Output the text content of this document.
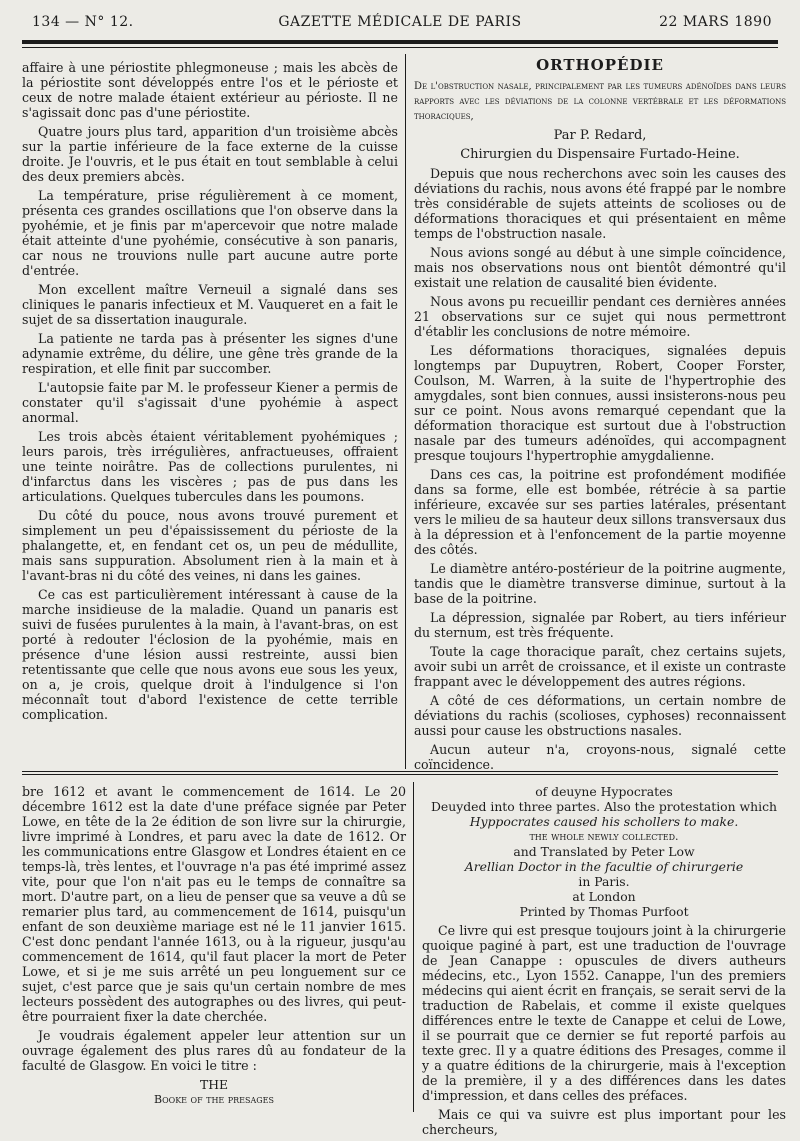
134 — N° 12.	GAZETTE MÉDICALE DE PARIS	22 MARS 1890

affaire à une périostite phlegmoneuse ; mais les abcès de la périostite sont développés entre l'os et le périoste et ceux de notre malade étaient extérieur au périoste. Il ne s'agissait donc pas d'une périostite.

Quatre jours plus tard, apparition d'un troisième abcès sur la partie inférieure de la face externe de la cuisse droite. Je l'ouvris, et le pus était en tout semblable à celui des deux premiers abcès.

La température, prise régulièrement à ce moment, présenta ces grandes oscillations que l'on observe dans la pyohémie, et je finis par m'apercevoir que notre malade était atteinte d'une pyohémie, consécutive à son panaris, car nous ne trouvions nulle part aucune autre porte d'entrée.

Mon excellent maître Verneuil a signalé dans ses cliniques le panaris infectieux et M. Vauqueret en a fait le sujet de sa dissertation inaugurale.

La patiente ne tarda pas à présenter les signes d'une adynamie extrême, du délire, une gêne très grande de la respiration, et elle finit par succomber.

L'autopsie faite par M. le professeur Kiener a permis de constater qu'il s'agissait d'une pyohémie à aspect anormal.

Les trois abcès étaient véritablement pyohémiques ; leurs parois, très irrégulières, anfractueuses, offraient une teinte noirâtre. Pas de collections purulentes, ni d'infarctus dans les viscères ; pas de pus dans les articulations. Quelques tubercules dans les poumons.

Du côté du pouce, nous avons trouvé purement et simplement un peu d'épaississement du périoste de la phalangette, et, en fendant cet os, un peu de médullite, mais sans suppuration. Absolument rien à la main et à l'avant-bras ni du côté des veines, ni dans les gaines.

Ce cas est particulièrement intéressant à cause de la marche insidieuse de la maladie. Quand un panaris est suivi de fusées purulentes à la main, à l'avant-bras, on est porté à redouter l'éclosion de la pyohémie, mais en présence d'une lésion aussi restreinte, aussi bien retentissante que celle que nous avons eue sous les yeux, on a, je crois, quelque droit à l'indulgence si l'on méconnaît tout d'abord l'existence de cette terrible complication.

ORTHOPÉDIE

De l'obstruction nasale, principalement par les tumeurs adénoïdes dans leurs rapports avec les déviations de la colonne vertébrale et les déformations thoraciques,

Par P. Redard,

Chirurgien du Dispensaire Furtado-Heine.

Depuis que nous recherchons avec soin les causes des déviations du rachis, nous avons été frappé par le nombre très considérable de sujets atteints de scolioses ou de déformations thoraciques et qui présentaient en même temps de l'obstruction nasale.

Nous avions songé au début à une simple coïncidence, mais nos observations nous ont bientôt démontré qu'il existait une relation de causalité bien évidente.

Nous avons pu recueillir pendant ces dernières années 21 observations sur ce sujet qui nous permettront d'établir les conclusions de notre mémoire.

Les déformations thoraciques, signalées depuis longtemps par Dupuytren, Robert, Cooper Forster, Coulson, M. Warren, à la suite de l'hypertrophie des amygdales, sont bien connues, aussi insisterons-nous peu sur ce point. Nous avons remarqué cependant que la déformation thoracique est surtout due à l'obstruction nasale par des tumeurs adénoïdes, qui accompagnent presque toujours l'hypertrophie amygdalienne.

Dans ces cas, la poitrine est profondément modifiée dans sa forme, elle est bombée, rétrécie à sa partie inférieure, excavée sur ses parties latérales, présentant vers le milieu de sa hauteur deux sillons transversaux dus à la dépression et à l'enfoncement de la partie moyenne des côtés.

Le diamètre antéro-postérieur de la poitrine augmente, tandis que le diamètre transverse diminue, surtout à la base de la poitrine.

La dépression, signalée par Robert, au tiers inférieur du sternum, est très fréquente.

Toute la cage thoracique paraît, chez certains sujets, avoir subi un arrêt de croissance, et il existe un contraste frappant avec le développement des autres régions.

A côté de ces déformations, un certain nombre de déviations du rachis (scolioses, cyphoses) reconnaissent aussi pour cause les obstructions nasales.

Aucun auteur n'a, croyons-nous, signalé cette coïncidence.

bre 1612 et avant le commencement de 1614. Le 20 décembre 1612 est la date d'une préface signée par Peter Lowe, en tête de la 2e édition de son livre sur la chirurgie, livre imprimé à Londres, et paru avec la date de 1612. Or les communications entre Glasgow et Londres étaient en ce temps-là, très lentes, et l'ouvrage n'a pas été imprimé assez vite, pour que l'on n'ait pas eu le temps de connaître sa mort. D'autre part, on a lieu de penser que sa veuve a dû se remarier plus tard, au commencement de 1614, puisqu'un enfant de son deuxième mariage est né le 11 janvier 1615. C'est donc pendant l'année 1613, ou à la rigueur, jusqu'au commencement de 1614, qu'il faut placer la mort de Peter Lowe, et si je me suis arrêté un peu longuement sur ce sujet, c'est parce que je sais qu'un certain nombre de mes lecteurs possèdent des autographes ou des livres, qui peut-être pourraient fixer la date cherchée.

Je voudrais également appeler leur attention sur un ouvrage également des plus rares dû au fondateur de la faculté de Glasgow. En voici le titre :

THE
Booke of the presages
of deuyne Hypocrates
Deuyded into three partes. Also the protestation which
Hyppocrates caused his schollers to make.
the whole newly collected.
and Translated by Peter Low
Arellian Doctor in the facultie of chirurgerie
in Paris.
at London
Printed by Thomas Purfoot

Ce livre qui est presque toujours joint à la chirurgerie quoique paginé à part, est une traduction de l'ouvrage de Jean Canappe : opuscules de divers autheurs médecins, etc., Lyon 1552. Canappe, l'un des premiers médecins qui aient écrit en français, se serait servi de la traduction de Rabelais, et comme il existe quelques différences entre le texte de Canappe et celui de Lowe, il se pourrait que ce dernier se fut reporté parfois au texte grec. Il y a quatre éditions des Presages, comme il y a quatre éditions de la chirurgerie, mais à l'exception de la première, il y a des différences dans les dates d'impression, et dans celles des préfaces.

Mais ce qui va suivre est plus important pour les chercheurs,
